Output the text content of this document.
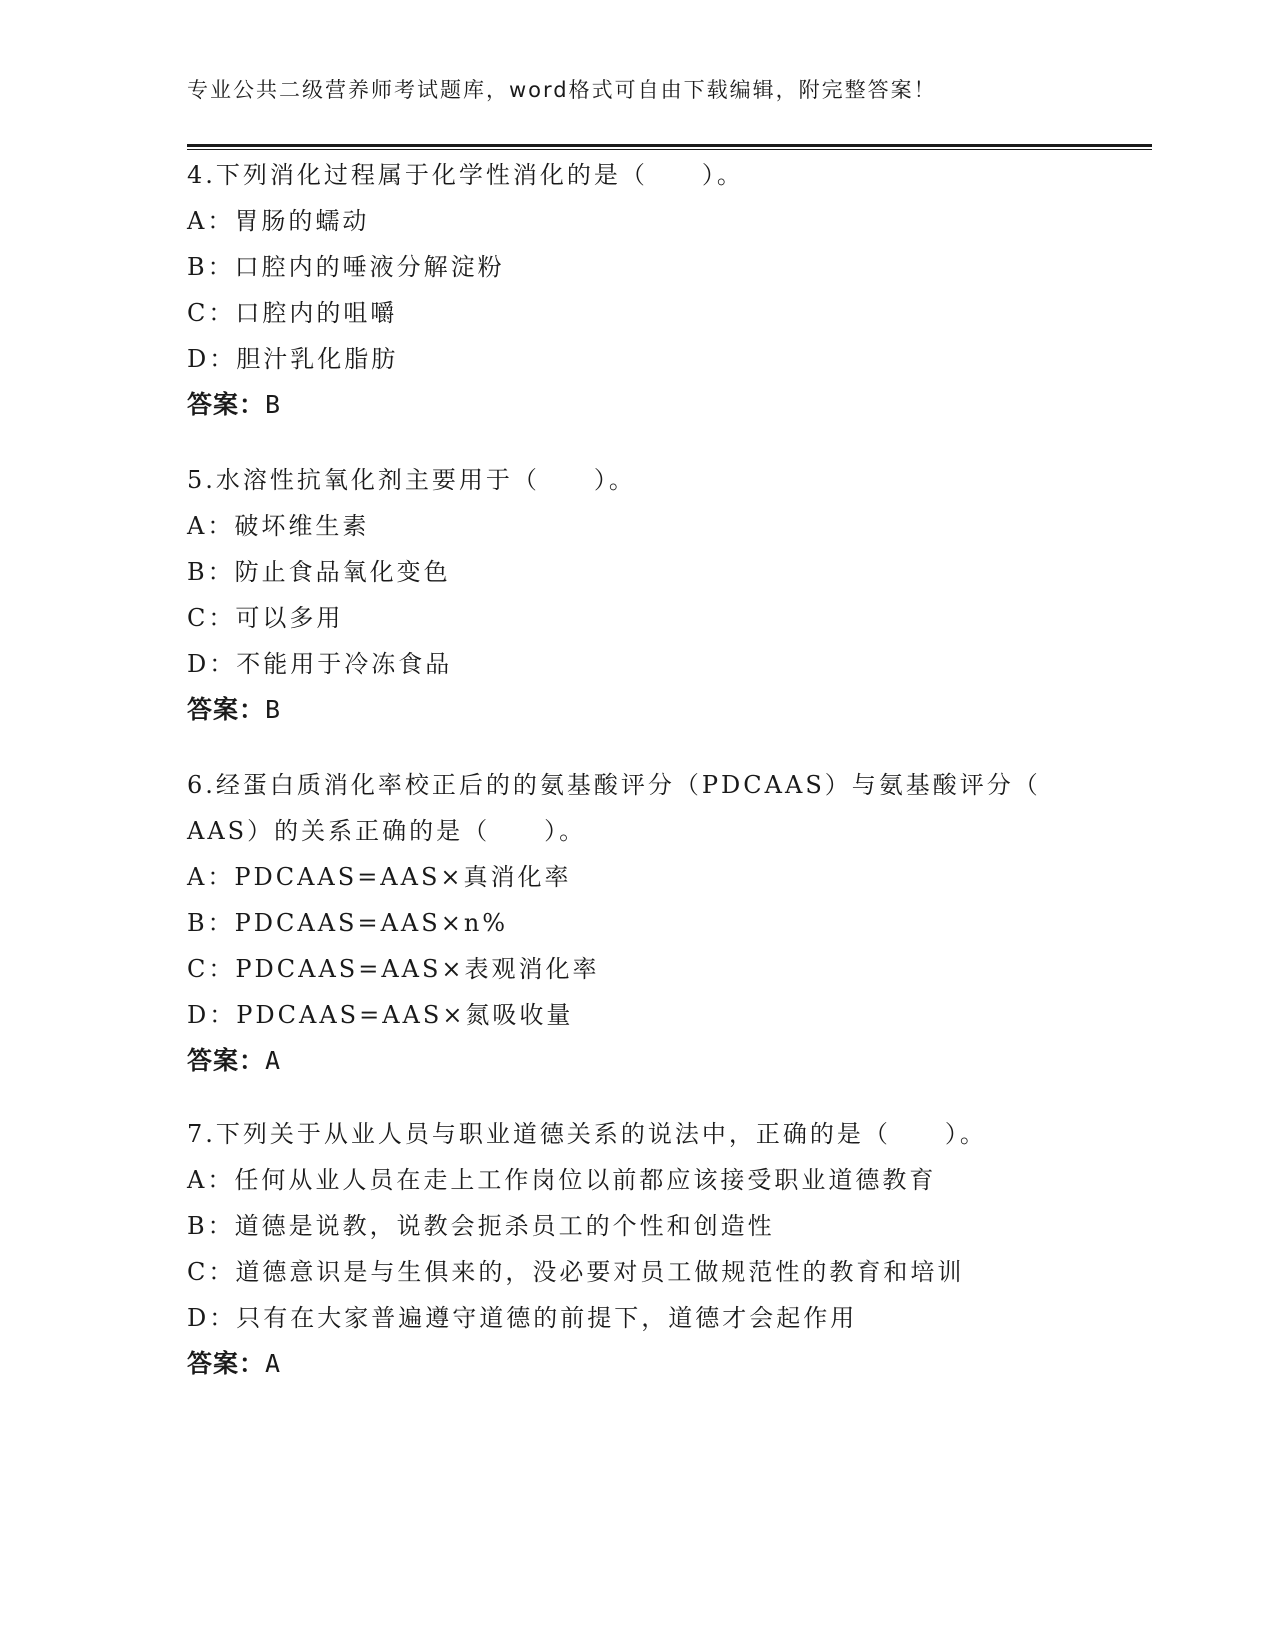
专业公共二级营养师考试题库，word格式可自由下载编辑，附完整答案！
4.下列消化过程属于化学性消化的是（　　）。
A：胃肠的蠕动
B：口腔内的唾液分解淀粉
C：口腔内的咀嚼
D：胆汁乳化脂肪
答案：B
5.水溶性抗氧化剂主要用于（　　）。
A：破坏维生素
B：防止食品氧化变色
C：可以多用
D：不能用于冷冻食品
答案：B
6.经蛋白质消化率校正后的的氨基酸评分（PDCAAS）与氨基酸评分（
AAS）的关系正确的是（　　）。
A：PDCAAS=AAS×真消化率
B：PDCAAS=AAS×n%
C：PDCAAS=AAS×表观消化率
D：PDCAAS=AAS×氮吸收量
答案：A
7.下列关于从业人员与职业道德关系的说法中，正确的是（　　）。
A：任何从业人员在走上工作岗位以前都应该接受职业道德教育
B：道德是说教，说教会扼杀员工的个性和创造性
C：道德意识是与生俱来的，没必要对员工做规范性的教育和培训
D：只有在大家普遍遵守道德的前提下，道德才会起作用
答案：A
